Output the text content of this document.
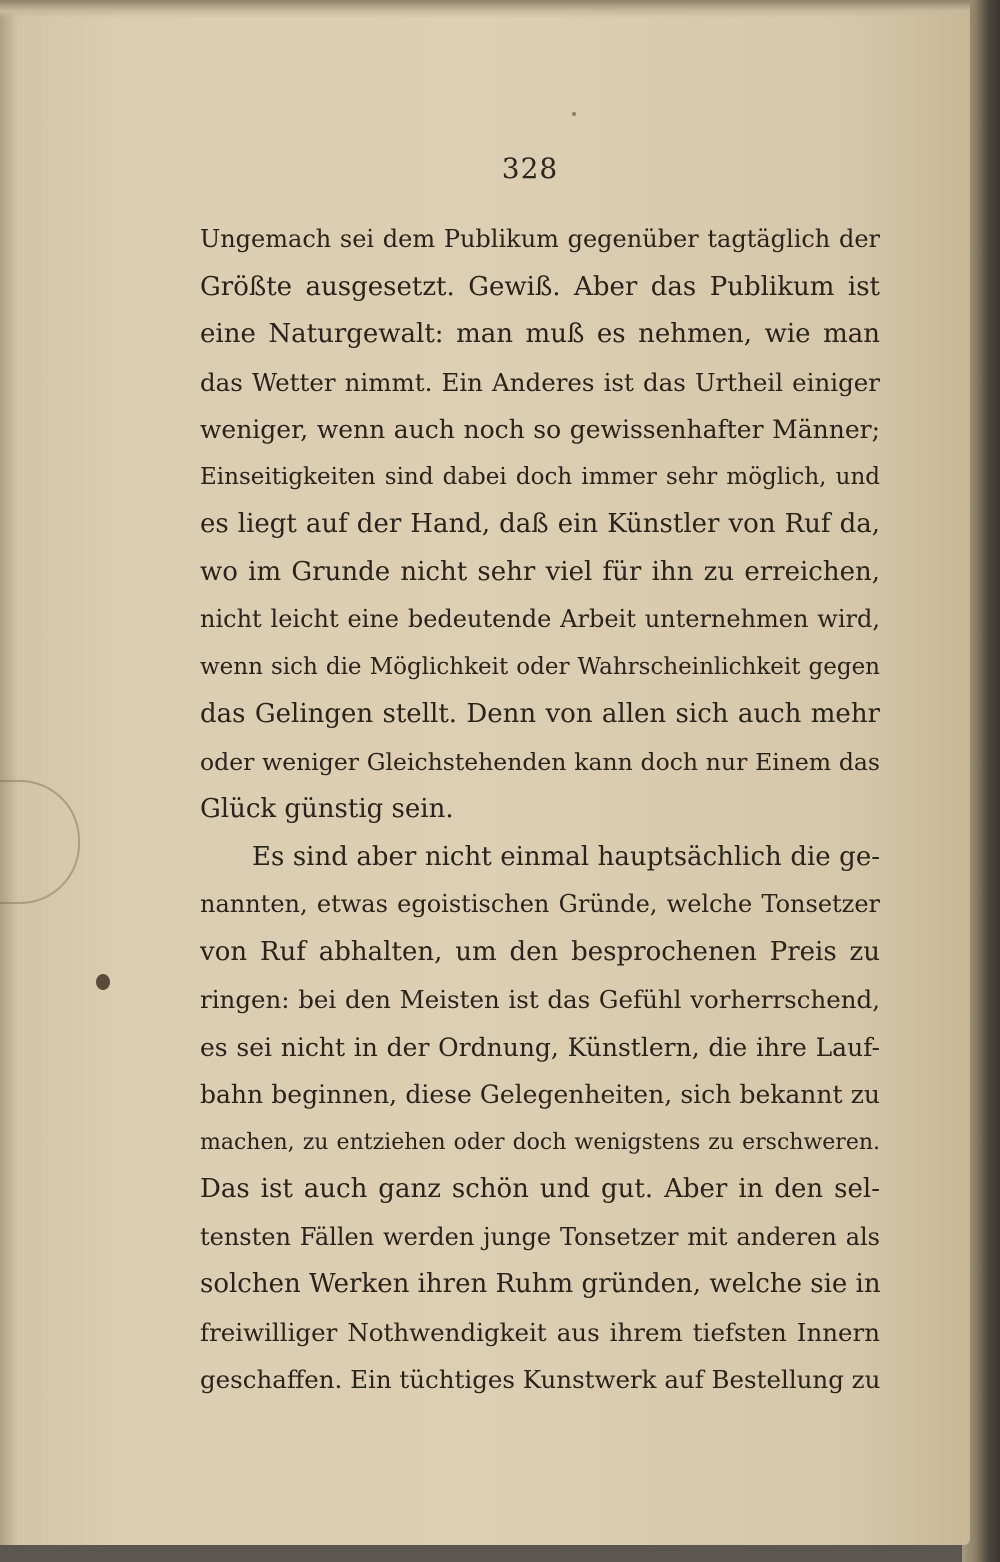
328
Ungemach sei dem Publikum gegenüber tagtäglich der
Größte ausgesetzt. Gewiß. Aber das Publikum ist
eine Naturgewalt: man muß es nehmen, wie man
das Wetter nimmt. Ein Anderes ist das Urtheil einiger
weniger, wenn auch noch so gewissenhafter Männer;
Einseitigkeiten sind dabei doch immer sehr möglich, und
es liegt auf der Hand, daß ein Künstler von Ruf da,
wo im Grunde nicht sehr viel für ihn zu erreichen,
nicht leicht eine bedeutende Arbeit unternehmen wird,
wenn sich die Möglichkeit oder Wahrscheinlichkeit gegen
das Gelingen stellt. Denn von allen sich auch mehr
oder weniger Gleichstehenden kann doch nur Einem das
Glück günstig sein.
Es sind aber nicht einmal hauptsächlich die ge-
nannten, etwas egoistischen Gründe, welche Tonsetzer
von Ruf abhalten, um den besprochenen Preis zu
ringen: bei den Meisten ist das Gefühl vorherrschend,
es sei nicht in der Ordnung, Künstlern, die ihre Lauf-
bahn beginnen, diese Gelegenheiten, sich bekannt zu
machen, zu entziehen oder doch wenigstens zu erschweren.
Das ist auch ganz schön und gut. Aber in den sel-
tensten Fällen werden junge Tonsetzer mit anderen als
solchen Werken ihren Ruhm gründen, welche sie in
freiwilliger Nothwendigkeit aus ihrem tiefsten Innern
geschaffen. Ein tüchtiges Kunstwerk auf Bestellung zu
